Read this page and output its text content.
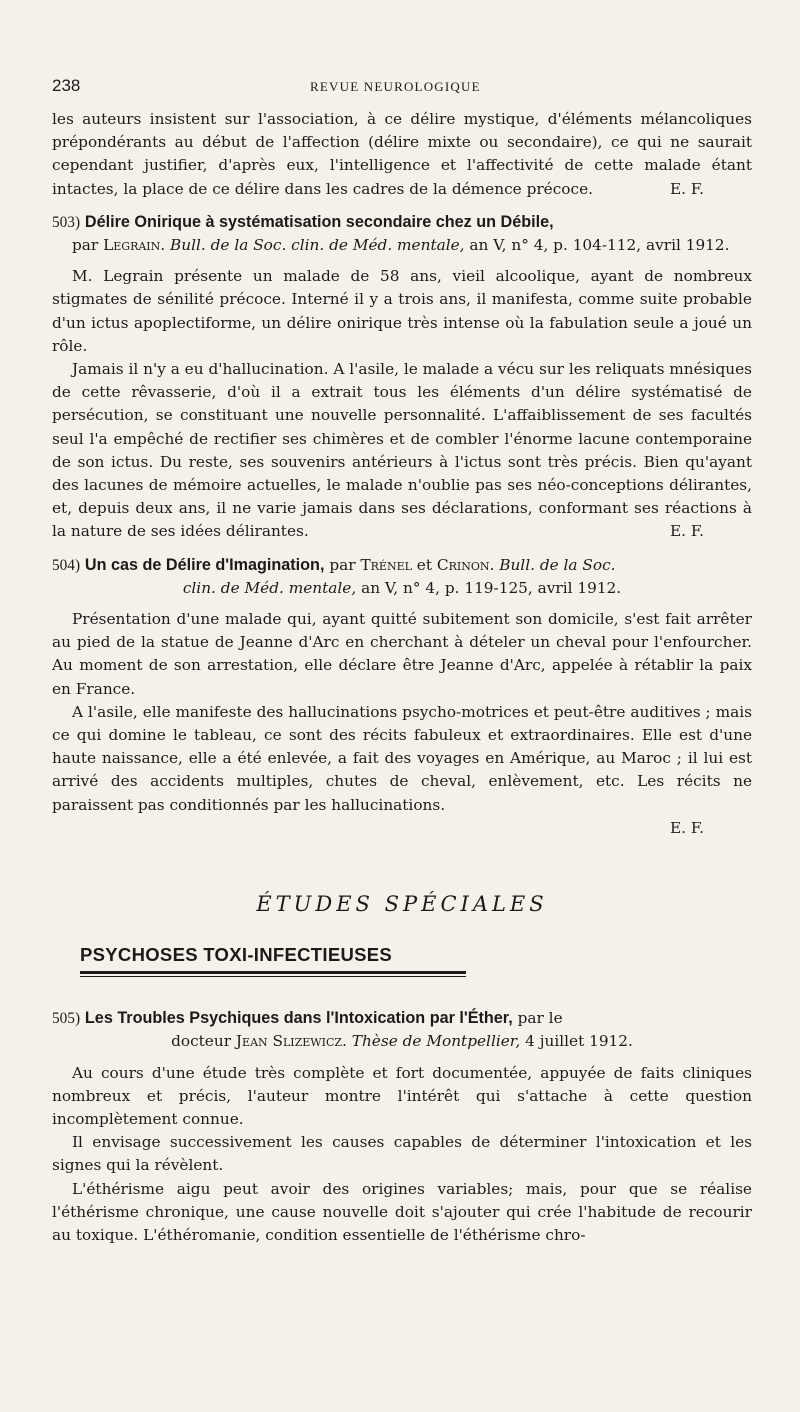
238	REVUE NEUROLOGIQUE

les auteurs insistent sur l'association, à ce délire mystique, d'éléments mélancoliques prépondérants au début de l'affection (délire mixte ou secondaire), ce qui ne saurait cependant justifier, d'après eux, l'intelligence et l'affectivité de cette malade étant intactes, la place de ce délire dans les cadres de la démence précoce.	E. F.

503) Délire Onirique à systématisation secondaire chez un Débile,

par Legrain. Bull. de la Soc. clin. de Méd. mentale, an V, n° 4, p. 104-112, avril 1912.

M. Legrain présente un malade de 58 ans, vieil alcoolique, ayant de nombreux stigmates de sénilité précoce. Interné il y a trois ans, il manifesta, comme suite probable d'un ictus apoplectiforme, un délire onirique très intense où la fabulation seule a joué un rôle.

Jamais il n'y a eu d'hallucination. A l'asile, le malade a vécu sur les reliquats mnésiques de cette rêvasserie, d'où il a extrait tous les éléments d'un délire systématisé de persécution, se constituant une nouvelle personnalité. L'affaiblissement de ses facultés seul l'a empêché de rectifier ses chimères et de combler l'énorme lacune contemporaine de son ictus. Du reste, ses souvenirs antérieurs à l'ictus sont très précis. Bien qu'ayant des lacunes de mémoire actuelles, le malade n'oublie pas ses néo-conceptions délirantes, et, depuis deux ans, il ne varie jamais dans ses déclarations, conformant ses réactions à la nature de ses idées délirantes.	E. F.

504) Un cas de Délire d'Imagination, par Trénel et Crinon. Bull. de la Soc.

clin. de Méd. mentale, an V, n° 4, p. 119-125, avril 1912.

Présentation d'une malade qui, ayant quitté subitement son domicile, s'est fait arrêter au pied de la statue de Jeanne d'Arc en cherchant à dételer un cheval pour l'enfourcher. Au moment de son arrestation, elle déclare être Jeanne d'Arc, appelée à rétablir la paix en France.

A l'asile, elle manifeste des hallucinations psycho-motrices et peut-être auditives ; mais ce qui domine le tableau, ce sont des récits fabuleux et extraordinaires. Elle est d'une haute naissance, elle a été enlevée, a fait des voyages en Amérique, au Maroc ; il lui est arrivé des accidents multiples, chutes de cheval, enlèvement, etc. Les récits ne paraissent pas conditionnés par les hallucinations.

E. F.

ÉTUDES SPÉCIALES
PSYCHOSES TOXI-INFECTIEUSES

505) Les Troubles Psychiques dans l'Intoxication par l'Éther, par le

docteur Jean Slizewicz. Thèse de Montpellier, 4 juillet 1912.

Au cours d'une étude très complète et fort documentée, appuyée de faits cliniques nombreux et précis, l'auteur montre l'intérêt qui s'attache à cette question incomplètement connue.

Il envisage successivement les causes capables de déterminer l'intoxication et les signes qui la révèlent.

L'éthérisme aigu peut avoir des origines variables; mais, pour que se réalise l'éthérisme chronique, une cause nouvelle doit s'ajouter qui crée l'habitude de recourir au toxique. L'éthéromanie, condition essentielle de l'éthérisme chro-
